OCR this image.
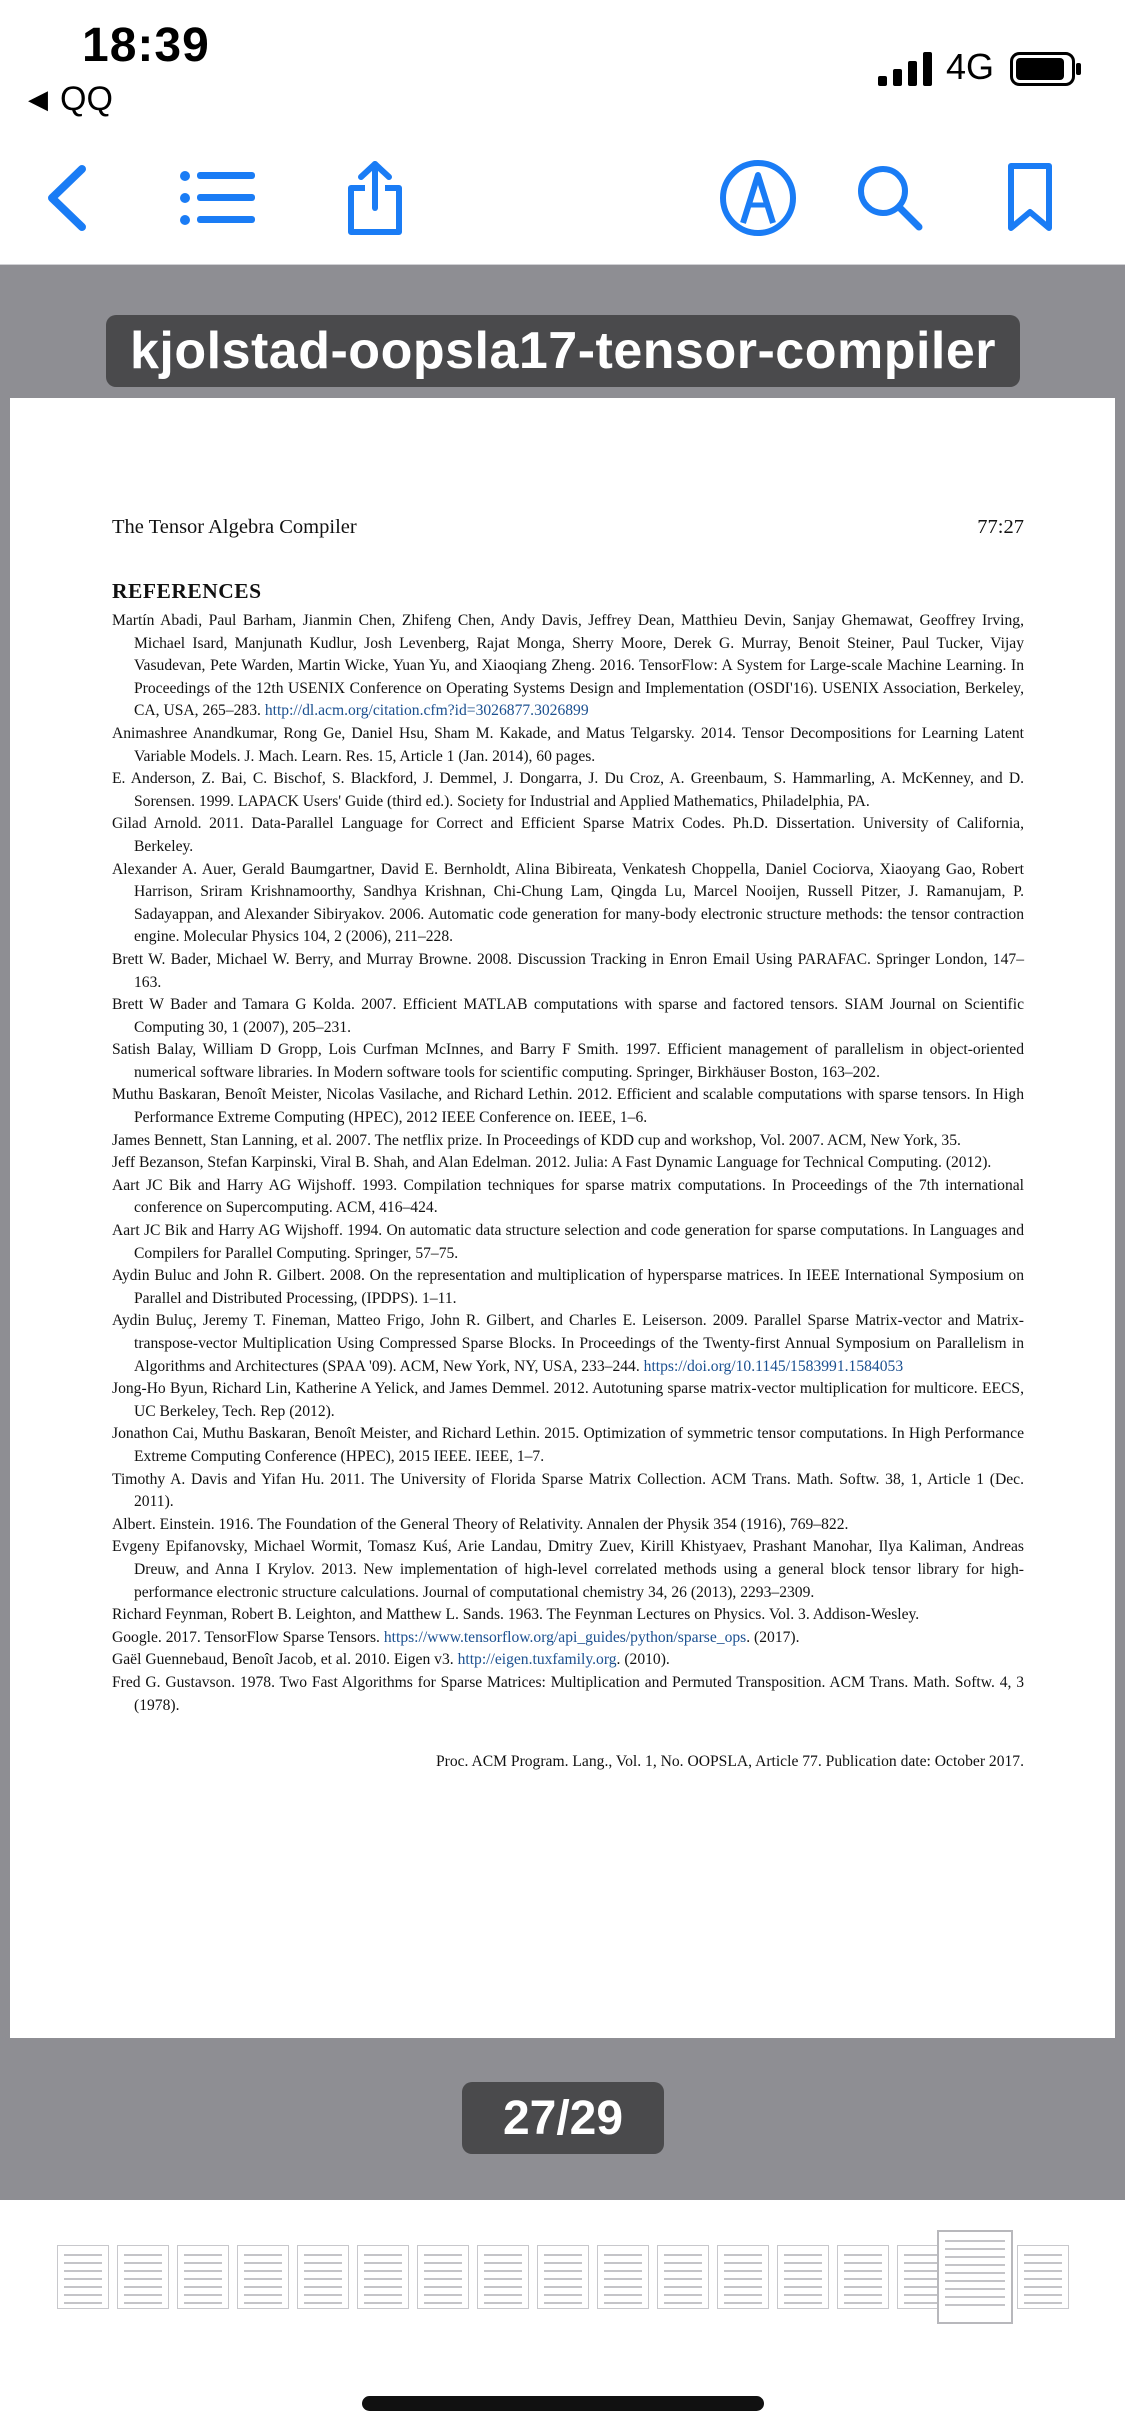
18:39
◀ QQ
4G
kjolstad-oopsla17-tensor-compiler
The Tensor Algebra Compiler	77:27
REFERENCES
Martín Abadi, Paul Barham, Jianmin Chen, Zhifeng Chen, Andy Davis, Jeffrey Dean, Matthieu Devin, Sanjay Ghemawat, Geoffrey Irving, Michael Isard, Manjunath Kudlur, Josh Levenberg, Rajat Monga, Sherry Moore, Derek G. Murray, Benoit Steiner, Paul Tucker, Vijay Vasudevan, Pete Warden, Martin Wicke, Yuan Yu, and Xiaoqiang Zheng. 2016. TensorFlow: A System for Large-scale Machine Learning. In Proceedings of the 12th USENIX Conference on Operating Systems Design and Implementation (OSDI'16). USENIX Association, Berkeley, CA, USA, 265–283. http://dl.acm.org/citation.cfm?id=3026877.3026899
Animashree Anandkumar, Rong Ge, Daniel Hsu, Sham M. Kakade, and Matus Telgarsky. 2014. Tensor Decompositions for Learning Latent Variable Models. J. Mach. Learn. Res. 15, Article 1 (Jan. 2014), 60 pages.
E. Anderson, Z. Bai, C. Bischof, S. Blackford, J. Demmel, J. Dongarra, J. Du Croz, A. Greenbaum, S. Hammarling, A. McKenney, and D. Sorensen. 1999. LAPACK Users' Guide (third ed.). Society for Industrial and Applied Mathematics, Philadelphia, PA.
Gilad Arnold. 2011. Data-Parallel Language for Correct and Efficient Sparse Matrix Codes. Ph.D. Dissertation. University of California, Berkeley.
Alexander A. Auer, Gerald Baumgartner, David E. Bernholdt, Alina Bibireata, Venkatesh Choppella, Daniel Cociorva, Xiaoyang Gao, Robert Harrison, Sriram Krishnamoorthy, Sandhya Krishnan, Chi-Chung Lam, Qingda Lu, Marcel Nooijen, Russell Pitzer, J. Ramanujam, P. Sadayappan, and Alexander Sibiryakov. 2006. Automatic code generation for many-body electronic structure methods: the tensor contraction engine. Molecular Physics 104, 2 (2006), 211–228.
Brett W. Bader, Michael W. Berry, and Murray Browne. 2008. Discussion Tracking in Enron Email Using PARAFAC. Springer London, 147–163.
Brett W Bader and Tamara G Kolda. 2007. Efficient MATLAB computations with sparse and factored tensors. SIAM Journal on Scientific Computing 30, 1 (2007), 205–231.
Satish Balay, William D Gropp, Lois Curfman McInnes, and Barry F Smith. 1997. Efficient management of parallelism in object-oriented numerical software libraries. In Modern software tools for scientific computing. Springer, Birkhäuser Boston, 163–202.
Muthu Baskaran, Benoît Meister, Nicolas Vasilache, and Richard Lethin. 2012. Efficient and scalable computations with sparse tensors. In High Performance Extreme Computing (HPEC), 2012 IEEE Conference on. IEEE, 1–6.
James Bennett, Stan Lanning, et al. 2007. The netflix prize. In Proceedings of KDD cup and workshop, Vol. 2007. ACM, New York, 35.
Jeff Bezanson, Stefan Karpinski, Viral B. Shah, and Alan Edelman. 2012. Julia: A Fast Dynamic Language for Technical Computing. (2012).
Aart JC Bik and Harry AG Wijshoff. 1993. Compilation techniques for sparse matrix computations. In Proceedings of the 7th international conference on Supercomputing. ACM, 416–424.
Aart JC Bik and Harry AG Wijshoff. 1994. On automatic data structure selection and code generation for sparse computations. In Languages and Compilers for Parallel Computing. Springer, 57–75.
Aydin Buluc and John R. Gilbert. 2008. On the representation and multiplication of hypersparse matrices. In IEEE International Symposium on Parallel and Distributed Processing, (IPDPS). 1–11.
Aydin Buluç, Jeremy T. Fineman, Matteo Frigo, John R. Gilbert, and Charles E. Leiserson. 2009. Parallel Sparse Matrix-vector and Matrix-transpose-vector Multiplication Using Compressed Sparse Blocks. In Proceedings of the Twenty-first Annual Symposium on Parallelism in Algorithms and Architectures (SPAA '09). ACM, New York, NY, USA, 233–244. https://doi.org/10.1145/1583991.1584053
Jong-Ho Byun, Richard Lin, Katherine A Yelick, and James Demmel. 2012. Autotuning sparse matrix-vector multiplication for multicore. EECS, UC Berkeley, Tech. Rep (2012).
Jonathon Cai, Muthu Baskaran, Benoît Meister, and Richard Lethin. 2015. Optimization of symmetric tensor computations. In High Performance Extreme Computing Conference (HPEC), 2015 IEEE. IEEE, 1–7.
Timothy A. Davis and Yifan Hu. 2011. The University of Florida Sparse Matrix Collection. ACM Trans. Math. Softw. 38, 1, Article 1 (Dec. 2011).
Albert. Einstein. 1916. The Foundation of the General Theory of Relativity. Annalen der Physik 354 (1916), 769–822.
Evgeny Epifanovsky, Michael Wormit, Tomasz Kuś, Arie Landau, Dmitry Zuev, Kirill Khistyaev, Prashant Manohar, Ilya Kaliman, Andreas Dreuw, and Anna I Krylov. 2013. New implementation of high-level correlated methods using a general block tensor library for high-performance electronic structure calculations. Journal of computational chemistry 34, 26 (2013), 2293–2309.
Richard Feynman, Robert B. Leighton, and Matthew L. Sands. 1963. The Feynman Lectures on Physics. Vol. 3. Addison-Wesley.
Google. 2017. TensorFlow Sparse Tensors. https://www.tensorflow.org/api_guides/python/sparse_ops. (2017).
Gaël Guennebaud, Benoît Jacob, et al. 2010. Eigen v3. http://eigen.tuxfamily.org. (2010).
Fred G. Gustavson. 1978. Two Fast Algorithms for Sparse Matrices: Multiplication and Permuted Transposition. ACM Trans. Math. Softw. 4, 3 (1978).
Proc. ACM Program. Lang., Vol. 1, No. OOPSLA, Article 77. Publication date: October 2017.
27/29
